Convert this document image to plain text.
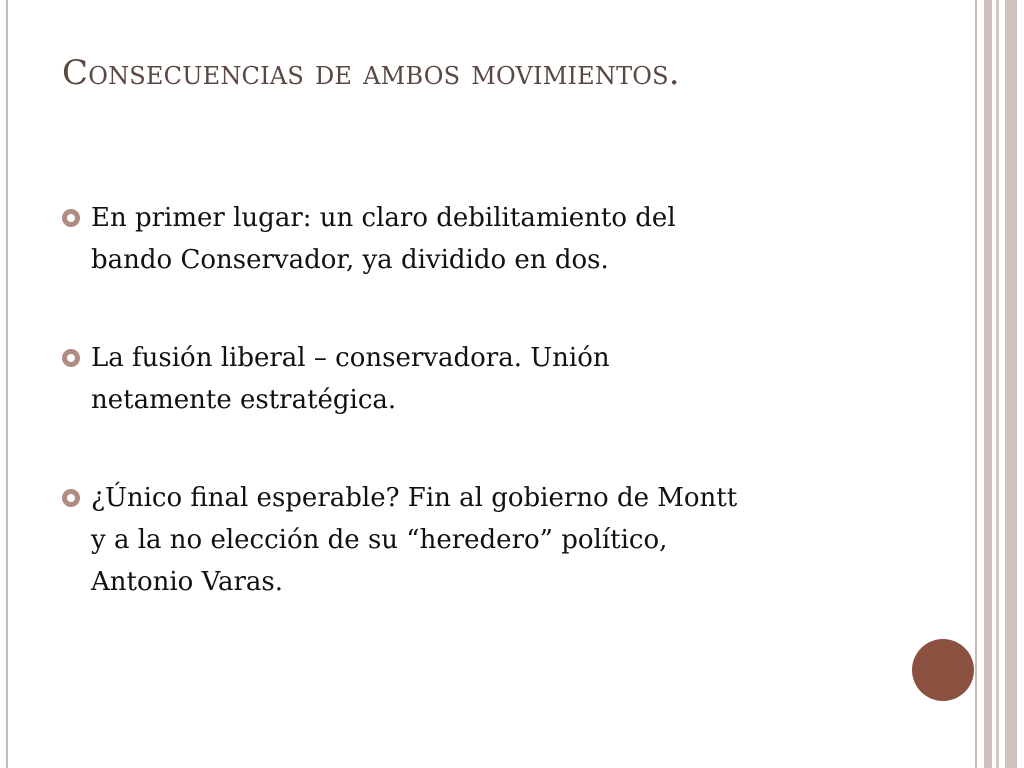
Consecuencias de ambos movimientos.
En primer lugar: un claro debilitamiento del
bando Conservador, ya dividido en dos.
La fusión liberal – conservadora. Unión
netamente estratégica.
¿Único final esperable? Fin al gobierno de Montt
y a la no elección de su “heredero” político,
Antonio Varas.
